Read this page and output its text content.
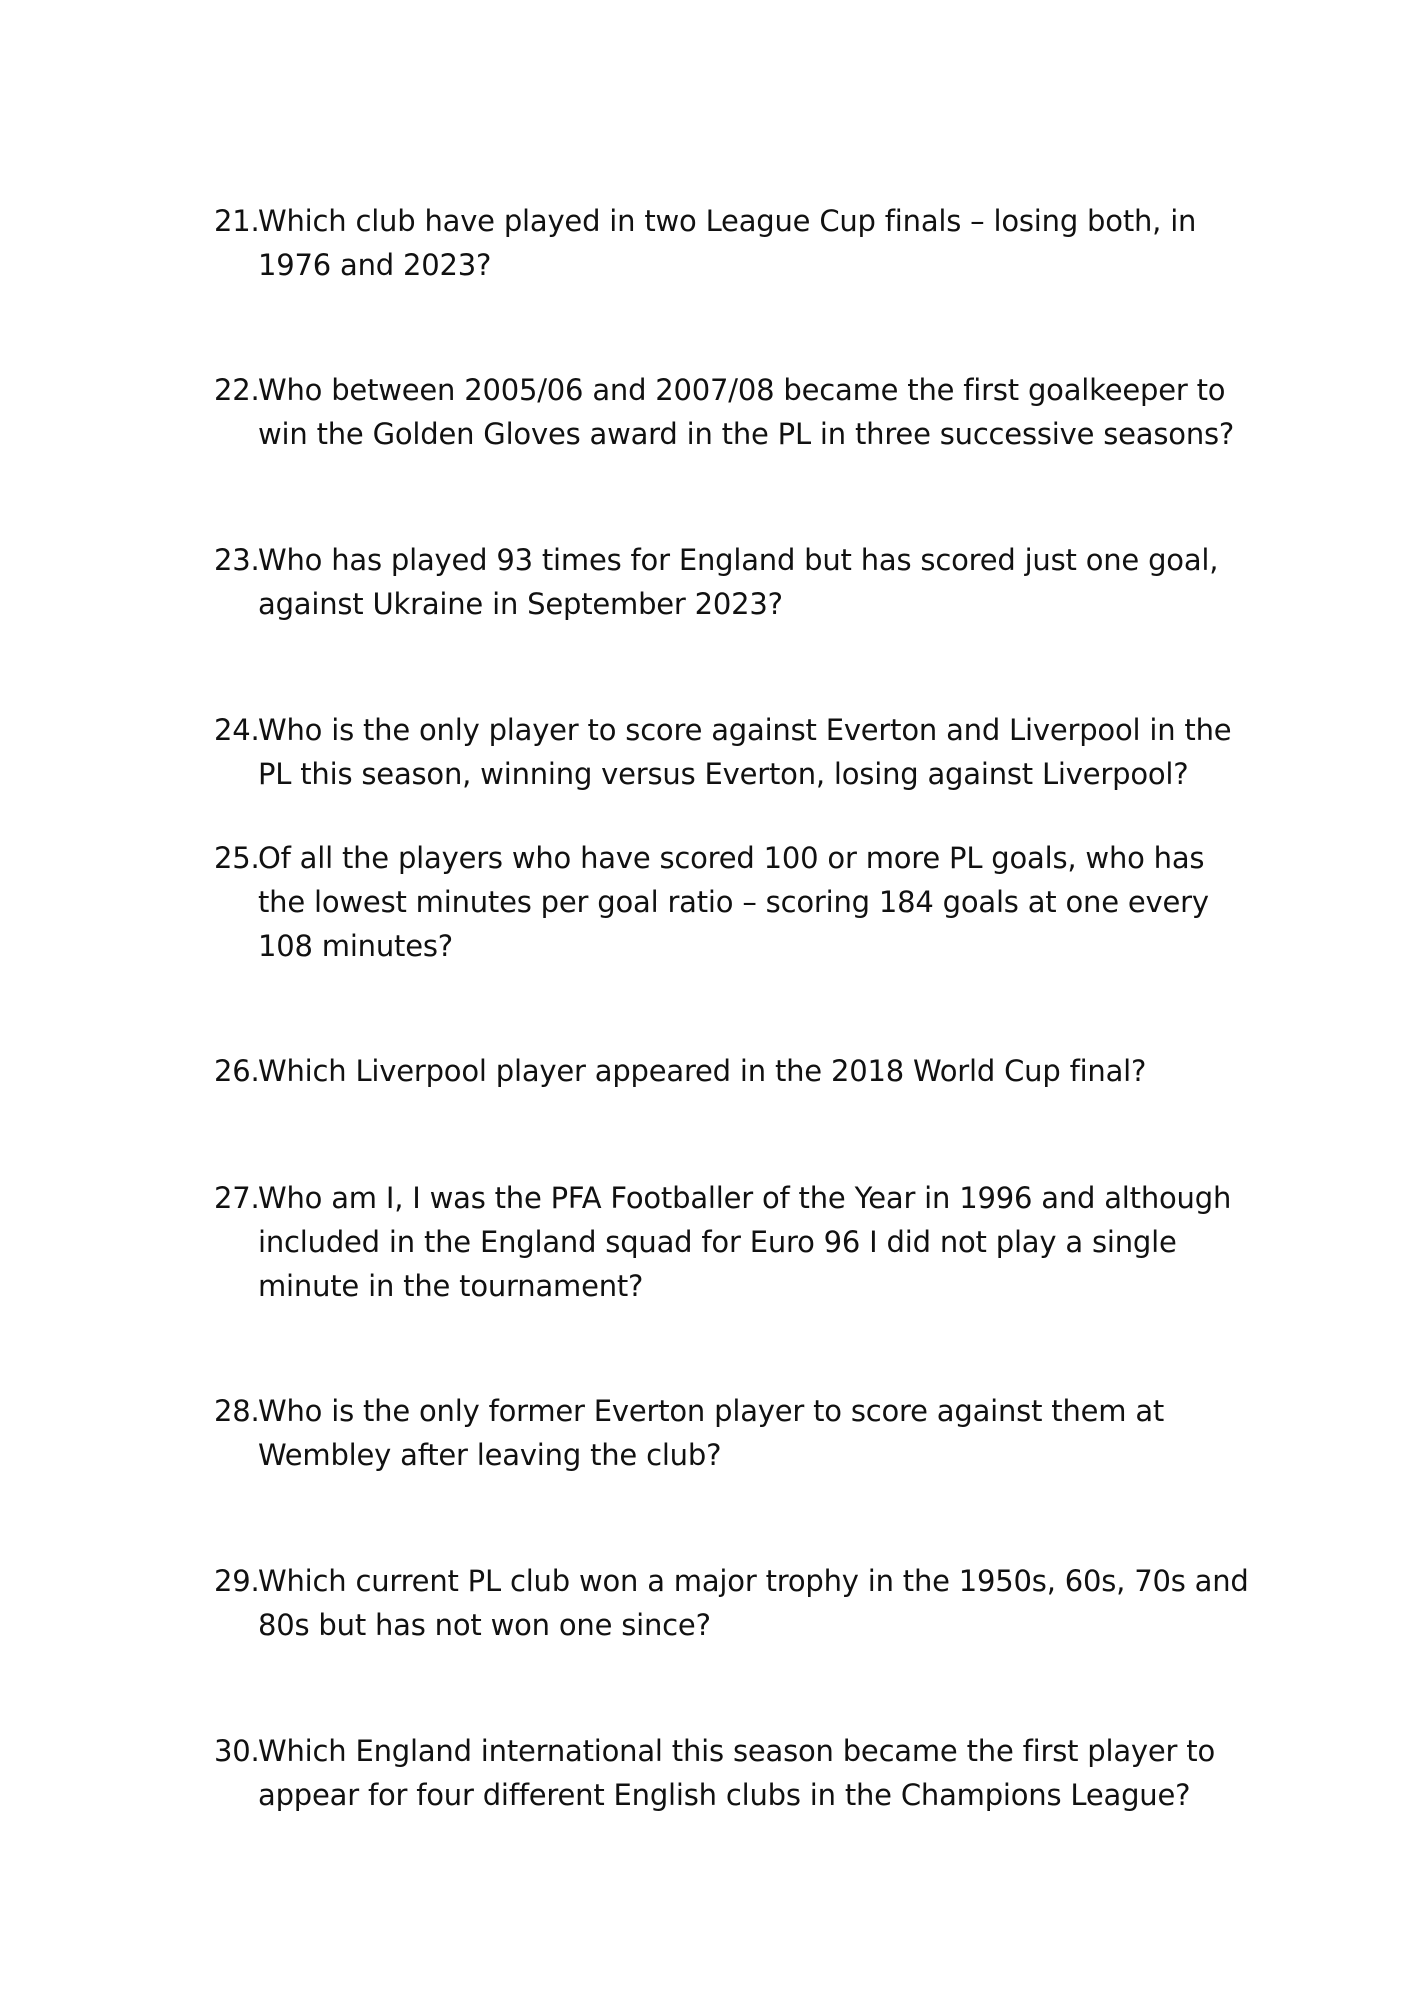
21.
Which club have played in two League Cup finals – losing both, in 1976 and 2023?
22.
Who between 2005/06 and 2007/08 became the first goalkeeper to win the Golden Gloves award in the PL in three successive seasons?
23.
Who has played 93 times for England but has scored just one goal, against Ukraine in September 2023?
24.
Who is the only player to score against Everton and Liverpool in the PL this season, winning versus Everton, losing against Liverpool?
25.
Of all the players who have scored 100 or more PL goals, who has the lowest minutes per goal ratio – scoring 184 goals at one every 108 minutes?
26.
Which Liverpool player appeared in the 2018 World Cup final?
27.
Who am I, I was the PFA Footballer of the Year in 1996 and although included in the England squad for Euro 96 I did not play a single minute in the tournament?
28.
Who is the only former Everton player to score against them at Wembley after leaving the club?
29.
Which current PL club won a major trophy in the 1950s, 60s, 70s and 80s but has not won one since?
30.
Which England international this season became the first player to appear for four different English clubs in the Champions League?
